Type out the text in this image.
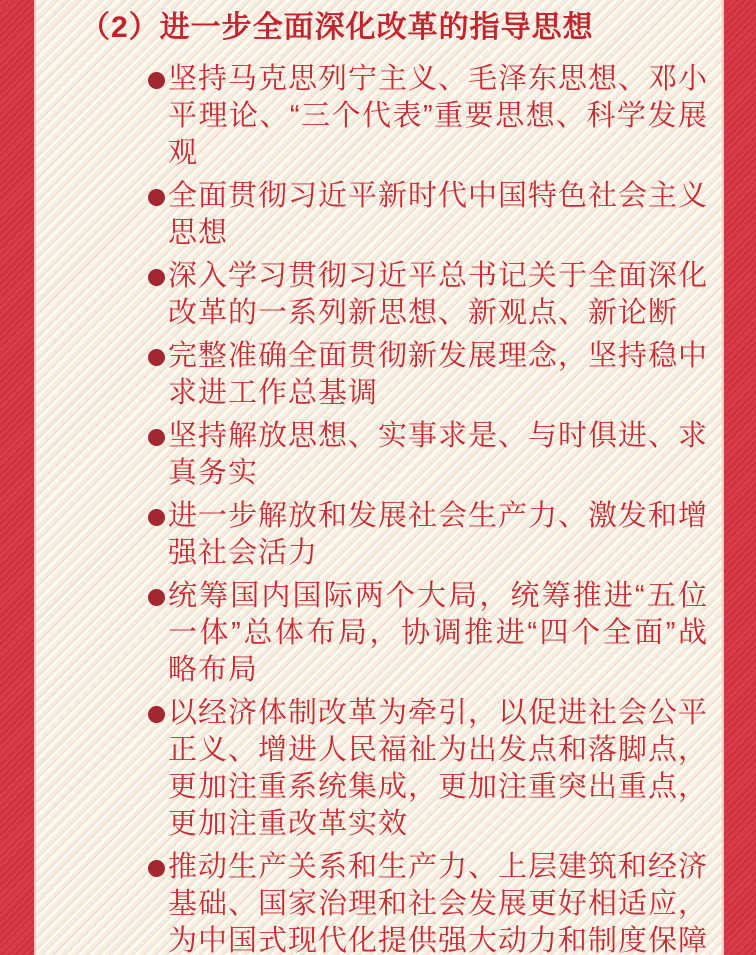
（2）进一步全面深化改革的指导思想
坚持马克思列宁主义、毛泽东思想、邓小平理论、“三个代表”重要思想、科学发展观
全面贯彻习近平新时代中国特色社会主义思想
深入学习贯彻习近平总书记关于全面深化改革的一系列新思想、新观点、新论断
完整准确全面贯彻新发展理念，坚持稳中求进工作总基调
坚持解放思想、实事求是、与时俱进、求真务实
进一步解放和发展社会生产力、激发和增强社会活力
统筹国内国际两个大局，统筹推进“五位一体”总体布局，协调推进“四个全面”战略布局
以经济体制改革为牵引，以促进社会公平正义、增进人民福祉为出发点和落脚点，更加注重系统集成，更加注重突出重点，更加注重改革实效
推动生产关系和生产力、上层建筑和经济基础、国家治理和社会发展更好相适应，为中国式现代化提供强大动力和制度保障
